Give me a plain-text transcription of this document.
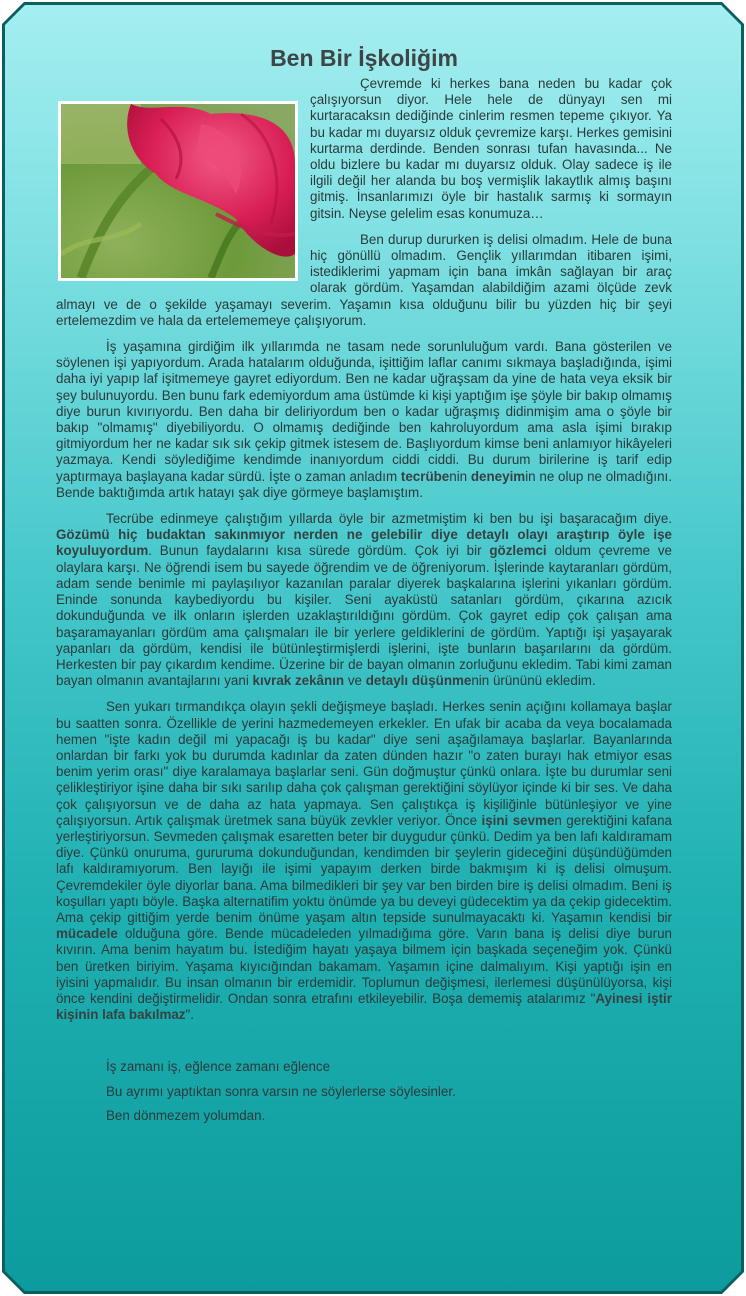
Ben Bir İşkoliğim

Çevremde ki herkes bana neden bu kadar çok çalışıyorsun diyor. Hele hele de dünyayı sen mi kurtaracaksın dediğinde cinlerim resmen tepeme çıkıyor. Ya bu kadar mı duyarsız olduk çevremize karşı. Herkes gemisini kurtarma derdinde. Benden sonrası tufan havasında... Ne oldu bizlere bu kadar mı duyarsız olduk. Olay sadece iş ile ilgili değil her alanda bu boş vermişlik lakaytlık almış başını gitmiş. İnsanlarımızı öyle bir hastalık sarmış ki sormayın gitsin. Neyse gelelim esas konumuza…

Ben durup dururken iş delisi olmadım. Hele de buna hiç gönüllü olmadım. Gençlik yıllarımdan itibaren işimi, istediklerimi yapmam için bana imkân sağlayan bir araç olarak gördüm. Yaşamdan alabildiğim azami ölçüde zevk almayı ve de o şekilde yaşamayı severim. Yaşamın kısa olduğunu bilir bu yüzden hiç bir şeyi ertelemezdim ve hala da ertelememeye çalışıyorum.

İş yaşamına girdiğim ilk yıllarımda ne tasam nede sorunluluğum vardı. Bana gösterilen ve söylenen işi yapıyordum. Arada hatalarım olduğunda, işittiğim laflar canımı sıkmaya başladığında, işimi daha iyi yapıp laf işitmemeye gayret ediyordum. Ben ne kadar uğraşsam da yine de hata veya eksik bir şey bulunuyordu. Ben bunu fark edemiyordum ama üstümde ki kişi yaptığım işe şöyle bir bakıp olmamış diye burun kıvırıyordu. Ben daha bir deliriyordum ben o kadar uğraşmış didinmişim ama o şöyle bir bakıp "olmamış" diyebiliyordu. O olmamış dediğinde ben kahroluyordum ama asla işimi bırakıp gitmiyordum her ne kadar sık sık çekip gitmek istesem de. Başlıyordum kimse beni anlamıyor hikâyeleri yazmaya. Kendi söylediğime kendimde inanıyordum ciddi ciddi. Bu durum birilerine iş tarif edip yaptırmaya başlayana kadar sürdü. İşte o zaman anladım tecrübenin deneyimin ne olup ne olmadığını. Bende baktığımda artık hatayı şak diye görmeye başlamıştım.

Tecrübe edinmeye çalıştığım yıllarda öyle bir azmetmiştim ki ben bu işi başaracağım diye. Gözümü hiç budaktan sakınmıyor nerden ne gelebilir diye detaylı olayı araştırıp öyle işe koyuluyordum. Bunun faydalarını kısa sürede gördüm. Çok iyi bir gözlemci oldum çevreme ve olaylara karşı. Ne öğrendi isem bu sayede öğrendim ve de öğreniyorum. İşlerinde kaytaranları gördüm, adam sende benimle mi paylaşılıyor kazanılan paralar diyerek başkalarına işlerini yıkanları gördüm. Eninde sonunda kaybediyordu bu kişiler. Seni ayaküstü satanları gördüm, çıkarına azıcık dokunduğunda ve ilk onların işlerden uzaklaştırıldığını gördüm. Çok gayret edip çok çalışan ama başaramayanları gördüm ama çalışmaları ile bir yerlere geldiklerini de gördüm. Yaptığı işi yaşayarak yapanları da gördüm, kendisi ile bütünleştirmişlerdi işlerini, işte bunların başarılarını da gördüm. Herkesten bir pay çıkardım kendime. Üzerine bir de bayan olmanın zorluğunu ekledim. Tabi kimi zaman bayan olmanın avantajlarını yani kıvrak zekânın ve detaylı düşünmenin ürününü ekledim.

Sen yukarı tırmandıkça olayın şekli değişmeye başladı. Herkes senin açığını kollamaya başlar bu saatten sonra. Özellikle de yerini hazmedemeyen erkekler. En ufak bir acaba da veya bocalamada hemen "işte kadın değil mi yapacağı iş bu kadar" diye seni aşağılamaya başlarlar. Bayanlarında onlardan bir farkı yok bu durumda kadınlar da zaten dünden hazır "o zaten burayı hak etmiyor esas benim yerim orası" diye karalamaya başlarlar seni. Gün doğmuştur çünkü onlara. İşte bu durumlar seni çelikleştiriyor işine daha bir sıkı sarılıp daha çok çalışman gerektiğini söylüyor içinde ki bir ses. Ve daha çok çalışıyorsun ve de daha az hata yapmaya. Sen çalıştıkça iş kişiliğinle bütünleşiyor ve yine çalışıyorsun. Artık çalışmak üretmek sana büyük zevkler veriyor. Önce işini sevmen gerektiğini kafana yerleştiriyorsun. Sevmeden çalışmak esaretten beter bir duygudur çünkü. Dedim ya ben lafı kaldıramam diye. Çünkü onuruma, gururuma dokunduğundan, kendimden bir şeylerin gideceğini düşündüğümden lafı kaldıramıyorum. Ben layığı ile işimi yapayım derken birde bakmışım ki iş delisi olmuşum. Çevremdekiler öyle diyorlar bana. Ama bilmedikleri bir şey var ben birden bire iş delisi olmadım. Beni iş koşulları yaptı böyle. Başka alternatifim yoktu önümde ya bu deveyi güdecektim ya da çekip gidecektim. Ama çekip gittiğim yerde benim önüme yaşam altın tepside sunulmayacaktı ki. Yaşamın kendisi bir mücadele olduğuna göre. Bende mücadeleden yılmadığıma göre. Varın bana iş delisi diye burun kıvırın. Ama benim hayatım bu. İstediğim hayatı yaşaya bilmem için başkada seçeneğim yok. Çünkü ben üretken biriyim. Yaşama kıyıcığından bakamam. Yaşamın içine dalmalıyım. Kişi yaptığı işin en iyisini yapmalıdır. Bu insan olmanın bir erdemidir. Toplumun değişmesi, ilerlemesi düşünülüyorsa, kişi önce kendini değiştirmelidir. Ondan sonra etrafını etkileyebilir. Boşa dememiş atalarımız "Ayinesi iştir kişinin lafa bakılmaz".

İş zamanı iş, eğlence zamanı eğlence
Bu ayrımı yaptıktan sonra varsın ne söylerlerse söylesinler.
Ben dönmezem yolumdan.
